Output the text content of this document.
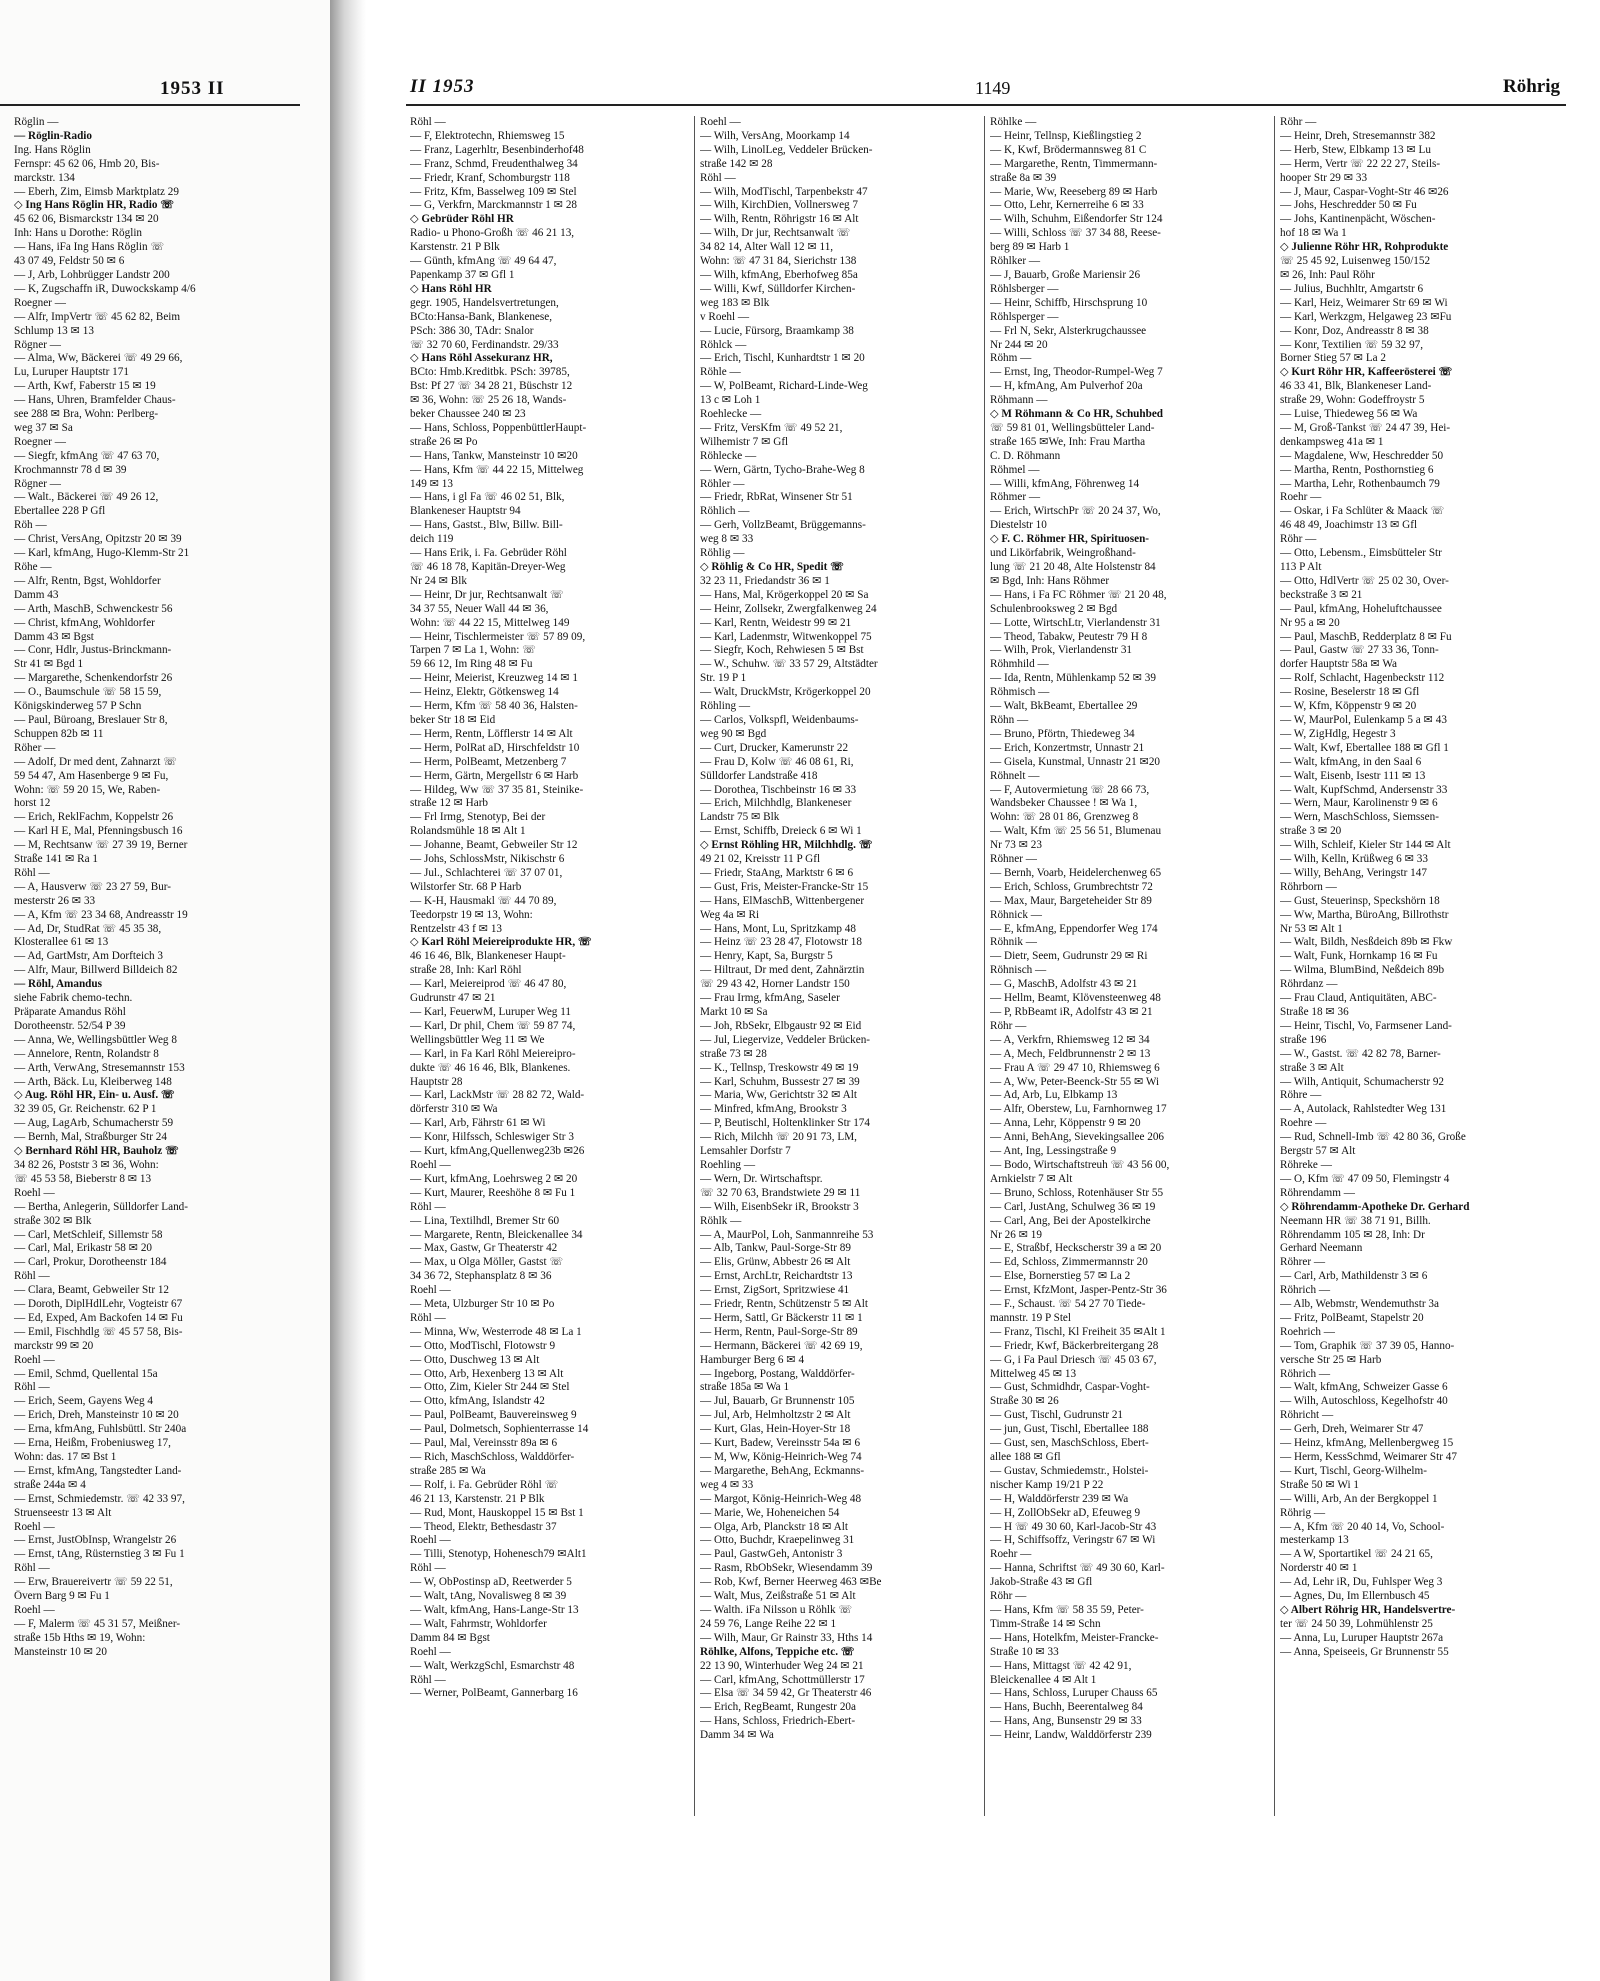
1953 II
Röglin —
— Röglin-Radio
Ing. Hans Röglin
Fernspr: 45 62 06, Hmb 20, Bis-
marckstr. 134
— Eberh, Zim, Eimsb Marktplatz 29
◇ Ing Hans Röglin HR, Radio ☏
45 62 06, Bismarckstr 134 ✉ 20
Inh: Hans u Dorothe: Röglin
— Hans, iFa Ing Hans Röglin ☏
43 07 49, Feldstr 50 ✉ 6
— J, Arb, Lohbrügger Landstr 200
— K, Zugschaffn iR, Duwockskamp 4/6
Roegner —
— Alfr, ImpVertr ☏ 45 62 82, Beim
Schlump 13 ✉ 13
Rögner —
— Alma, Ww, Bäckerei ☏ 49 29 66,
Lu, Luruper Hauptstr 171
— Arth, Kwf, Faberstr 15 ✉ 19
— Hans, Uhren, Bramfelder Chaus-
see 288 ✉ Bra, Wohn: Perlberg-
weg 37 ✉ Sa
Roegner —
— Siegfr, kfmAng ☏ 47 63 70,
Krochmannstr 78 d ✉ 39
Rögner —
— Walt., Bäckerei ☏ 49 26 12,
Ebertallee 228 P Gfl
Röh —
— Christ, VersAng, Opitzstr 20 ✉ 39
— Karl, kfmAng, Hugo-Klemm-Str 21
Röhe —
— Alfr, Rentn, Bgst, Wohldorfer
Damm 43
— Arth, MaschB, Schwenckestr 56
— Christ, kfmAng, Wohldorfer
Damm 43 ✉ Bgst
— Conr, Hdlr, Justus-Brinckmann-
Str 41 ✉ Bgd 1
— Margarethe, Schenkendorfstr 26
— O., Baumschule ☏ 58 15 59,
Königskinderweg 57 P Schn
— Paul, Büroang, Breslauer Str 8,
Schuppen 82b ✉ 11
Röher —
— Adolf, Dr med dent, Zahnarzt ☏
59 54 47, Am Hasenberge 9 ✉ Fu,
Wohn: ☏ 59 20 15, We, Raben-
horst 12
— Erich, ReklFachm, Koppelstr 26
— Karl H E, Mal, Pfenningsbusch 16
— M, Rechtsanw ☏ 27 39 19, Berner
Straße 141 ✉ Ra 1
Röhl —
— A, Hausverw ☏ 23 27 59, Bur-
mesterstr 26 ✉ 33
— A, Kfm ☏ 23 34 68, Andreasstr 19
— Ad, Dr, StudRat ☏ 45 35 38,
Klosterallee 61 ✉ 13
— Ad, GartMstr, Am Dorfteich 3
— Alfr, Maur, Billwerd Billdeich 82
— Röhl, Amandus
siehe Fabrik chemo-techn.
Präparate Amandus Röhl
Dorotheenstr. 52/54 P 39
— Anna, We, Wellingsbüttler Weg 8
— Annelore, Rentn, Rolandstr 8
— Arth, VerwAng, Stresemannstr 153
— Arth, Bäck. Lu, Kleiberweg 148
◇ Aug. Röhl HR, Ein- u. Ausf. ☏
32 39 05, Gr. Reichenstr. 62 P 1
— Aug, LagArb, Schumacherstr 59
— Bernh, Mal, Straßburger Str 24
◇ Bernhard Röhl HR, Bauholz ☏
34 82 26, Poststr 3 ✉ 36, Wohn:
☏ 45 53 58, Bieberstr 8 ✉ 13
Roehl —
— Bertha, Anlegerin, Sülldorfer Land-
straße 302 ✉ Blk
— Carl, MetSchleif, Sillemstr 58
— Carl, Mal, Erikastr 58 ✉ 20
— Carl, Prokur, Dorotheenstr 184
Röhl —
— Clara, Beamt, Gebweiler Str 12
— Doroth, DiplHdlLehr, Vogteistr 67
— Ed, Exped, Am Backofen 14 ✉ Fu
— Emil, Fischhdlg ☏ 45 57 58, Bis-
marckstr 99 ✉ 20
Roehl —
— Emil, Schmd, Quellental 15a
Röhl —
— Erich, Seem, Gayens Weg 4
— Erich, Dreh, Mansteinstr 10 ✉ 20
— Erna, kfmAng, Fuhlsbüttl. Str 240a
— Erna, Heißm, Frobeniusweg 17,
Wohn: das. 17 ✉ Bst 1
— Ernst, kfmAng, Tangstedter Land-
straße 244a ✉ 4
— Ernst, Schmiedemstr. ☏ 42 33 97,
Struenseestr 13 ✉ Alt
Roehl —
— Ernst, JustObInsp, Wrangelstr 26
— Ernst, tAng, Rüsternstieg 3 ✉ Fu 1
Röhl —
— Erw, Brauereivertr ☏ 59 22 51,
Övern Barg 9 ✉ Fu 1
Roehl —
— F, Malerm ☏ 45 31 57, Meißner-
straße 15b Hths ✉ 19, Wohn:
Mansteinstr 10 ✉ 20
II 1953	1149	Röhrig
Röhl —
— F, Elektrotechn, Rhiemsweg 15
— Franz, Lagerhltr, Besenbinderhof48
— Franz, Schmd, Freudenthalweg 34
— Friedr, Kranf, Schomburgstr 118
— Fritz, Kfm, Basselweg 109 ✉ Stel
— G, Verkfrn, Marckmannstr 1 ✉ 28
◇ Gebrüder Röhl HR
Radio- u Phono-Großh ☏ 46 21 13,
Karstenstr. 21 P Blk
— Günth, kfmAng ☏ 49 64 47,
Papenkamp 37 ✉ Gfl 1
◇ Hans Röhl HR
gegr. 1905, Handelsvertretungen,
BCto:Hansa-Bank, Blankenese,
PSch: 386 30, TAdr: Snalor
☏ 32 70 60, Ferdinandstr. 29/33
◇ Hans Röhl Assekuranz HR,
BCto: Hmb.Kreditbk. PSch: 39785,
Bst: Pf 27 ☏ 34 28 21, Büschstr 12
✉ 36, Wohn: ☏ 25 26 18, Wands-
beker Chaussee 240 ✉ 23
— Hans, Schloss, PoppenbüttlerHaupt-
straße 26 ✉ Po
— Hans, Tankw, Mansteinstr 10 ✉20
— Hans, Kfm ☏ 44 22 15, Mittelweg
149 ✉ 13
— Hans, i gl Fa ☏ 46 02 51, Blk,
Blankeneser Hauptstr 94
— Hans, Gastst., Blw, Billw. Bill-
deich 119
— Hans Erik, i. Fa. Gebrüder Röhl
☏ 46 18 78, Kapitän-Dreyer-Weg
Nr 24 ✉ Blk
— Heinr, Dr jur, Rechtsanwalt ☏
34 37 55, Neuer Wall 44 ✉ 36,
Wohn: ☏ 44 22 15, Mittelweg 149
— Heinr, Tischlermeister ☏ 57 89 09,
Tarpen 7 ✉ La 1, Wohn: ☏
59 66 12, Im Ring 48 ✉ Fu
— Heinr, Meierist, Kreuzweg 14 ✉ 1
— Heinz, Elektr, Götkensweg 14
— Herm, Kfm ☏ 58 40 36, Halsten-
beker Str 18 ✉ Eid
— Herm, Rentn, Löfflerstr 14 ✉ Alt
— Herm, PolRat aD, Hirschfeldstr 10
— Herm, PolBeamt, Metzenberg 7
— Herm, Gärtn, Mergellstr 6 ✉ Harb
— Hildeg, Ww ☏ 37 35 81, Steinike-
straße 12 ✉ Harb
— Frl Irmg, Stenotyp, Bei der
Rolandsmühle 18 ✉ Alt 1
— Johanne, Beamt, Gebweiler Str 12
— Johs, SchlossMstr, Nikischstr 6
— Jul., Schlachterei ☏ 37 07 01,
Wilstorfer Str. 68 P Harb
— K-H, Hausmakl ☏ 44 70 89,
Teedorpstr 19 ✉ 13, Wohn:
Rentzelstr 43 f ✉ 13
◇ Karl Röhl Meiereiprodukte HR, ☏
46 16 46, Blk, Blankeneser Haupt-
straße 28, Inh: Karl Röhl
— Karl, Meiereiprod ☏ 46 47 80,
Gudrunstr 47 ✉ 21
— Karl, FeuerwM, Luruper Weg 11
— Karl, Dr phil, Chem ☏ 59 87 74,
Wellingsbüttler Weg 11 ✉ We
— Karl, in Fa Karl Röhl Meiereipro-
dukte ☏ 46 16 46, Blk, Blankenes.
Hauptstr 28
— Karl, LackMstr ☏ 28 82 72, Wald-
dörferstr 310 ✉ Wa
— Karl, Arb, Fährstr 61 ✉ Wi
— Konr, Hilfssch, Schleswiger Str 3
— Kurt, kfmAng,Quellenweg23b ✉26
Roehl —
— Kurt, kfmAng, Loehrsweg 2 ✉ 20
— Kurt, Maurer, Reeshöhe 8 ✉ Fu 1
Röhl —
— Lina, Textilhdl, Bremer Str 60
— Margarete, Rentn, Bleickenallee 34
— Max, Gastw, Gr Theaterstr 42
— Max, u Olga Möller, Gastst ☏
34 36 72, Stephansplatz 8 ✉ 36
Roehl —
— Meta, Ulzburger Str 10 ✉ Po
Röhl —
— Minna, Ww, Westerrode 48 ✉ La 1
— Otto, ModTischl, Flotowstr 9
— Otto, Duschweg 13 ✉ Alt
— Otto, Arb, Hexenberg 13 ✉ Alt
— Otto, Zim, Kieler Str 244 ✉ Stel
— Otto, kfmAng, Islandstr 42
— Paul, PolBeamt, Bauvereinsweg 9
— Paul, Dolmetsch, Sophienterrasse 14
— Paul, Mal, Vereinsstr 89a ✉ 6
— Rich, MaschSchloss, Walddörfer-
straße 285 ✉ Wa
— Rolf, i. Fa. Gebrüder Röhl ☏
46 21 13, Karstenstr. 21 P Blk
— Rud, Mont, Hauskoppel 15 ✉ Bst 1
— Theod, Elektr, Bethesdastr 37
Roehl —
— Tilli, Stenotyp, Hohenesch79 ✉Alt1
Röhl —
— W, ObPostinsp aD, Reetwerder 5
— Walt, tAng, Novalisweg 8 ✉ 39
— Walt, kfmAng, Hans-Lange-Str 13
— Walt, Fahrmstr, Wohldorfer
Damm 84 ✉ Bgst
Roehl —
— Walt, WerkzgSchl, Esmarchstr 48
Röhl —
— Werner, PolBeamt, Gannerbarg 16
Roehl —
— Wilh, VersAng, Moorkamp 14
— Wilh, LinolLeg, Veddeler Brücken-
straße 142 ✉ 28
Röhl —
— Wilh, ModTischl, Tarpenbekstr 47
— Wilh, KirchDien, Vollnersweg 7
— Wilh, Rentn, Röhrigstr 16 ✉ Alt
— Wilh, Dr jur, Rechtsanwalt ☏
34 82 14, Alter Wall 12 ✉ 11,
Wohn: ☏ 47 31 84, Sierichstr 138
— Wilh, kfmAng, Eberhofweg 85a
— Willi, Kwf, Sülldorfer Kirchen-
weg 183 ✉ Blk
v Roehl —
— Lucie, Fürsorg, Braamkamp 38
Röhlck —
— Erich, Tischl, Kunhardtstr 1 ✉ 20
Röhle —
— W, PolBeamt, Richard-Linde-Weg
13 c ✉ Loh 1
Roehlecke —
— Fritz, VersKfm ☏ 49 52 21,
Wilhemistr 7 ✉ Gfl
Röhlecke —
— Wern, Gärtn, Tycho-Brahe-Weg 8
Röhler —
— Friedr, RbRat, Winsener Str 51
Röhlich —
— Gerh, VollzBeamt, Brüggemanns-
weg 8 ✉ 33
Röhlig —
◇ Röhlig & Co HR, Spedit ☏
32 23 11, Friedandstr 36 ✉ 1
— Hans, Mal, Krögerkoppel 20 ✉ Sa
— Heinr, Zollsekr, Zwergfalkenweg 24
— Karl, Rentn, Weidestr 99 ✉ 21
— Karl, Ladenmstr, Witwenkoppel 75
— Siegfr, Koch, Rehwiesen 5 ✉ Bst
— W., Schuhw. ☏ 33 57 29, Altstädter
Str. 19 P 1
— Walt, DruckMstr, Krögerkoppel 20
Röhling —
— Carlos, Volkspfl, Weidenbaums-
weg 90 ✉ Bgd
— Curt, Drucker, Kamerunstr 22
— Frau D, Kolw ☏ 46 08 61, Ri,
Sülldorfer Landstraße 418
— Dorothea, Tischbeinstr 16 ✉ 33
— Erich, Milchhdlg, Blankeneser
Landstr 75 ✉ Blk
— Ernst, Schiffb, Dreieck 6 ✉ Wi 1
◇ Ernst Röhling HR, Milchhdlg. ☏
49 21 02, Kreisstr 11 P Gfl
— Friedr, StaAng, Marktstr 6 ✉ 6
— Gust, Fris, Meister-Francke-Str 15
— Hans, ElMaschB, Wittenbergener
Weg 4a ✉ Ri
— Hans, Mont, Lu, Spritzkamp 48
— Heinz ☏ 23 28 47, Flotowstr 18
— Henry, Kapt, Sa, Burgstr 5
— Hiltraut, Dr med dent, Zahnärztin
☏ 29 43 42, Horner Landstr 150
— Frau Irmg, kfmAng, Saseler
Markt 10 ✉ Sa
— Joh, RbSekr, Elbgaustr 92 ✉ Eid
— Jul, Liegervize, Veddeler Brücken-
straße 73 ✉ 28
— K., Tellnsp, Treskowstr 49 ✉ 19
— Karl, Schuhm, Bussestr 27 ✉ 39
— Maria, Ww, Gerichtstr 32 ✉ Alt
— Minfred, kfmAng, Brookstr 3
— P, Beutischl, Holtenklinker Str 174
— Rich, Milchh ☏ 20 91 73, LM,
Lemsahler Dorfstr 7
Roehling —
— Wern, Dr. Wirtschaftspr.
☏ 32 70 63, Brandstwiete 29 ✉ 11
— Wilh, EisenbSekr iR, Brookstr 3
Röhlk —
— A, MaurPol, Loh, Sanmannreihe 53
— Alb, Tankw, Paul-Sorge-Str 89
— Elis, Grünw, Abbestr 26 ✉ Alt
— Ernst, ArchLtr, Reichardtstr 13
— Ernst, ZigSort, Spritzwiese 41
— Friedr, Rentn, Schützenstr 5 ✉ Alt
— Herm, Sattl, Gr Bäckerstr 11 ✉ 1
— Herm, Rentn, Paul-Sorge-Str 89
— Hermann, Bäckerei ☏ 42 69 19,
Hamburger Berg 6 ✉ 4
— Ingeborg, Postang, Walddörfer-
straße 185a ✉ Wa 1
— Jul, Bauarb, Gr Brunnenstr 105
— Jul, Arb, Helmholtzstr 2 ✉ Alt
— Kurt, Glas, Hein-Hoyer-Str 18
— Kurt, Badew, Vereinsstr 54a ✉ 6
— M, Ww, König-Heinrich-Weg 74
— Margarethe, BehAng, Eckmanns-
weg 4 ✉ 33
— Margot, König-Heinrich-Weg 48
— Marie, We, Hoheneichen 54
— Olga, Arb, Planckstr 18 ✉ Alt
— Otto, Buchdr, Kraepelinweg 31
— Paul, GastwGeh, Antonistr 3
— Rasm, RbObSekr, Wiesendamm 39
— Rob, Kwf, Berner Heerweg 463 ✉Be
— Walt, Mus, Zeißstraße 51 ✉ Alt
— Walth. iFa Nilsson u Röhlk ☏
24 59 76, Lange Reihe 22 ✉ 1
— Wilh, Maur, Gr Rainstr 33, Hths 14
Röhlke, Alfons, Teppiche etc. ☏
22 13 90, Winterhuder Weg 24 ✉ 21
— Carl, kfmAng, Schottmüllerstr 17
— Elsa ☏ 34 59 42, Gr Theaterstr 46
— Erich, RegBeamt, Rungestr 20a
— Hans, Schloss, Friedrich-Ebert-
Damm 34 ✉ Wa
Röhlke —
— Heinr, Tellnsp, Kießlingstieg 2
— K, Kwf, Brödermannsweg 81 C
— Margarethe, Rentn, Timmermann-
straße 8a ✉ 39
— Marie, Ww, Reeseberg 89 ✉ Harb
— Otto, Lehr, Kernerreihe 6 ✉ 33
— Wilh, Schuhm, Eißendorfer Str 124
— Willi, Schloss ☏ 37 34 88, Reese-
berg 89 ✉ Harb 1
Röhlker —
— J, Bauarb, Große Mariensir 26
Röhlsberger —
— Heinr, Schiffb, Hirschsprung 10
Röhlsperger —
— Frl N, Sekr, Alsterkrugchaussee
Nr 244 ✉ 20
Röhm —
— Ernst, Ing, Theodor-Rumpel-Weg 7
— H, kfmAng, Am Pulverhof 20a
Röhmann —
◇ M Röhmann & Co HR, Schuhbed
☏ 59 81 01, Wellingsbütteler Land-
straße 165 ✉We, Inh: Frau Martha
C. D. Röhmann
Röhmel —
— Willi, kfmAng, Föhrenweg 14
Röhmer —
— Erich, WirtschPr ☏ 20 24 37, Wo,
Diestelstr 10
◇ F. C. Röhmer HR, Spirituosen-
und Likörfabrik, Weingroßhand-
lung ☏ 21 20 48, Alte Holstenstr 84
✉ Bgd, Inh: Hans Röhmer
— Hans, i Fa FC Röhmer ☏ 21 20 48,
Schulenbrooksweg 2 ✉ Bgd
— Lotte, WirtschLtr, Vierlandenstr 31
— Theod, Tabakw, Peutestr 79 H 8
— Wilh, Prok, Vierlandenstr 31
Röhmhild —
— Ida, Rentn, Mühlenkamp 52 ✉ 39
Röhmisch —
— Walt, BkBeamt, Ebertallee 29
Röhn —
— Bruno, Pförtn, Thiedeweg 34
— Erich, Konzertmstr, Unnastr 21
— Gisela, Kunstmal, Unnastr 21 ✉20
Röhnelt —
— F, Autovermietung ☏ 28 66 73,
Wandsbeker Chaussee ! ✉ Wa 1,
Wohn: ☏ 28 01 86, Grenzweg 8
— Walt, Kfm ☏ 25 56 51, Blumenau
Nr 73 ✉ 23
Röhner —
— Bernh, Voarb, Heidelerchenweg 65
— Erich, Schloss, Grumbrechtstr 72
— Max, Maur, Bargeteheider Str 89
Röhnick —
— E, kfmAng, Eppendorfer Weg 174
Röhnik —
— Dietr, Seem, Gudrunstr 29 ✉ Ri
Röhnisch —
— G, MaschB, Adolfstr 43 ✉ 21
— Hellm, Beamt, Klövensteenweg 48
— P, RbBeamt iR, Adolfstr 43 ✉ 21
Röhr —
— A, Verkfrn, Rhiemsweg 12 ✉ 34
— A, Mech, Feldbrunnenstr 2 ✉ 13
— Frau A ☏ 29 47 10, Rhiemsweg 6
— A, Ww, Peter-Beenck-Str 55 ✉ Wi
— Ad, Arb, Lu, Elbkamp 13
— Alfr, Oberstew, Lu, Farnhornweg 17
— Anna, Lehr, Köppenstr 9 ✉ 20
— Anni, BehAng, Sievekingsallee 206
— Ant, Ing, Lessingstraße 9
— Bodo, Wirtschaftstreuh ☏ 43 56 00,
Arnkielstr 7 ✉ Alt
— Bruno, Schloss, Rotenhäuser Str 55
— Carl, JustAng, Schulweg 36 ✉ 19
— Carl, Ang, Bei der Apostelkirche
Nr 26 ✉ 19
— E, Straßbf, Heckscherstr 39 a ✉ 20
— Ed, Schloss, Zimmermannstr 20
— Else, Bornerstieg 57 ✉ La 2
— Ernst, KfzMont, Jasper-Pentz-Str 36
— F., Schaust. ☏ 54 27 70 Tiede-
mannstr. 19 P Stel
— Franz, Tischl, Kl Freiheit 35 ✉Alt 1
— Friedr, Kwf, Bäckerbreitergang 28
— G, i Fa Paul Driesch ☏ 45 03 67,
Mittelweg 45 ✉ 13
— Gust, Schmidhdr, Caspar-Voght-
Straße 30 ✉ 26
— Gust, Tischl, Gudrunstr 21
— jun, Gust, Tischl, Ebertallee 188
— Gust, sen, MaschSchloss, Ebert-
allee 188 ✉ Gfl
— Gustav, Schmiedemstr., Holstei-
nischer Kamp 19/21 P 22
— H, Walddörferstr 239 ✉ Wa
— H, ZollObSekr aD, Efeuweg 9
— H ☏ 49 30 60, Karl-Jacob-Str 43
— H, Schiffsoffz, Veringstr 67 ✉ Wi
Roehr —
— Hanna, Schriftst ☏ 49 30 60, Karl-
Jakob-Straße 43 ✉ Gfl
Röhr —
— Hans, Kfm ☏ 58 35 59, Peter-
Timm-Straße 14 ✉ Schn
— Hans, Hotelkfm, Meister-Francke-
Straße 10 ✉ 33
— Hans, Mittagst ☏ 42 42 91,
Bleickenallee 4 ✉ Alt 1
— Hans, Schloss, Luruper Chauss 65
— Hans, Buchh, Beerentalweg 84
— Hans, Ang, Bunsenstr 29 ✉ 33
— Heinr, Landw, Walddörferstr 239
Röhr —
— Heinr, Dreh, Stresemannstr 382
— Herb, Stew, Elbkamp 13 ✉ Lu
— Herm, Vertr ☏ 22 22 27, Steils-
hooper Str 29 ✉ 33
— J, Maur, Caspar-Voght-Str 46 ✉26
— Johs, Heschredder 50 ✉ Fu
— Johs, Kantinenpächt, Wöschen-
hof 18 ✉ Wa 1
◇ Julienne Röhr HR, Rohprodukte
☏ 25 45 92, Luisenweg 150/152
✉ 26, Inh: Paul Röhr
— Julius, Buchhltr, Amgartstr 6
— Karl, Heiz, Weimarer Str 69 ✉ Wi
— Karl, Werkzgm, Helgaweg 23 ✉Fu
— Konr, Doz, Andreasstr 8 ✉ 38
— Konr, Textilien ☏ 59 32 97,
Borner Stieg 57 ✉ La 2
◇ Kurt Röhr HR, Kaffeerösterei ☏
46 33 41, Blk, Blankeneser Land-
straße 29, Wohn: Godeffroystr 5
— Luise, Thiedeweg 56 ✉ Wa
— M, Groß-Tankst ☏ 24 47 39, Hei-
denkampsweg 41a ✉ 1
— Magdalene, Ww, Heschredder 50
— Martha, Rentn, Posthornstieg 6
— Martha, Lehr, Rothenbaumch 79
Roehr —
— Oskar, i Fa Schlüter & Maack ☏
46 48 49, Joachimstr 13 ✉ Gfl
Röhr —
— Otto, Lebensm., Eimsbütteler Str
113 P Alt
— Otto, HdlVertr ☏ 25 02 30, Over-
beckstraße 3 ✉ 21
— Paul, kfmAng, Hoheluftchaussee
Nr 95 a ✉ 20
— Paul, MaschB, Redderplatz 8 ✉ Fu
— Paul, Gastw ☏ 27 33 36, Tonn-
dorfer Hauptstr 58a ✉ Wa
— Rolf, Schlacht, Hagenbeckstr 112
— Rosine, Beselerstr 18 ✉ Gfl
— W, Kfm, Köppenstr 9 ✉ 20
— W, MaurPol, Eulenkamp 5 a ✉ 43
— W, ZigHdlg, Hegestr 3
— Walt, Kwf, Ebertallee 188 ✉ Gfl 1
— Walt, kfmAng, in den Saal 6
— Walt, Eisenb, Isestr 111 ✉ 13
— Walt, KupfSchmd, Andersenstr 33
— Wern, Maur, Karolinenstr 9 ✉ 6
— Wern, MaschSchloss, Siemssen-
straße 3 ✉ 20
— Wilh, Schleif, Kieler Str 144 ✉ Alt
— Wilh, Kelln, Krüßweg 6 ✉ 33
— Willy, BehAng, Veringstr 147
Röhrborn —
— Gust, Steuerinsp, Speckshörn 18
— Ww, Martha, BüroAng, Billrothstr
Nr 53 ✉ Alt 1
— Walt, Bildh, Nesßdeich 89b ✉ Fkw
— Walt, Funk, Hornkamp 16 ✉ Fu
— Wilma, BlumBind, Neßdeich 89b
Röhrdanz —
— Frau Claud, Antiquitäten, ABC-
Straße 18 ✉ 36
— Heinr, Tischl, Vo, Farmsener Land-
straße 196
— W., Gastst. ☏ 42 82 78, Barner-
straße 3 ✉ Alt
— Wilh, Antiquit, Schumacherstr 92
Röhre —
— A, Autolack, Rahlstedter Weg 131
Roehre —
— Rud, Schnell-Imb ☏ 42 80 36, Große
Bergstr 57 ✉ Alt
Röhreke —
— O, Kfm ☏ 47 09 50, Flemingstr 4
Röhrendamm —
◇ Röhrendamm-Apotheke Dr. Gerhard
Neemann HR ☏ 38 71 91, Billh.
Röhrendamm 105 ✉ 28, Inh: Dr
Gerhard Neemann
Röhrer —
— Carl, Arb, Mathildenstr 3 ✉ 6
Röhrich —
— Alb, Webmstr, Wendemuthstr 3a
— Fritz, PolBeamt, Stapelstr 20
Roehrich —
— Tom, Graphik ☏ 37 39 05, Hanno-
versche Str 25 ✉ Harb
Röhrich —
— Walt, kfmAng, Schweizer Gasse 6
— Wilh, Autoschloss, Kegelhofstr 40
Röhricht —
— Gerh, Dreh, Weimarer Str 47
— Heinz, kfmAng, Mellenbergweg 15
— Herm, KessSchmd, Weimarer Str 47
— Kurt, Tischl, Georg-Wilhelm-
Straße 50 ✉ Wi 1
— Willi, Arb, An der Bergkoppel 1
Röhrig —
— A, Kfm ☏ 20 40 14, Vo, School-
mesterkamp 13
— A W, Sportartikel ☏ 24 21 65,
Norderstr 40 ✉ 1
— Ad, Lehr iR, Du, Fuhlsper Weg 3
— Agnes, Du, Im Ellernbusch 45
◇ Albert Röhrig HR, Handelsvertre-
ter ☏ 24 50 39, Lohmühlenstr 25
— Anna, Lu, Luruper Hauptstr 267a
— Anna, Speiseeis, Gr Brunnenstr 55
